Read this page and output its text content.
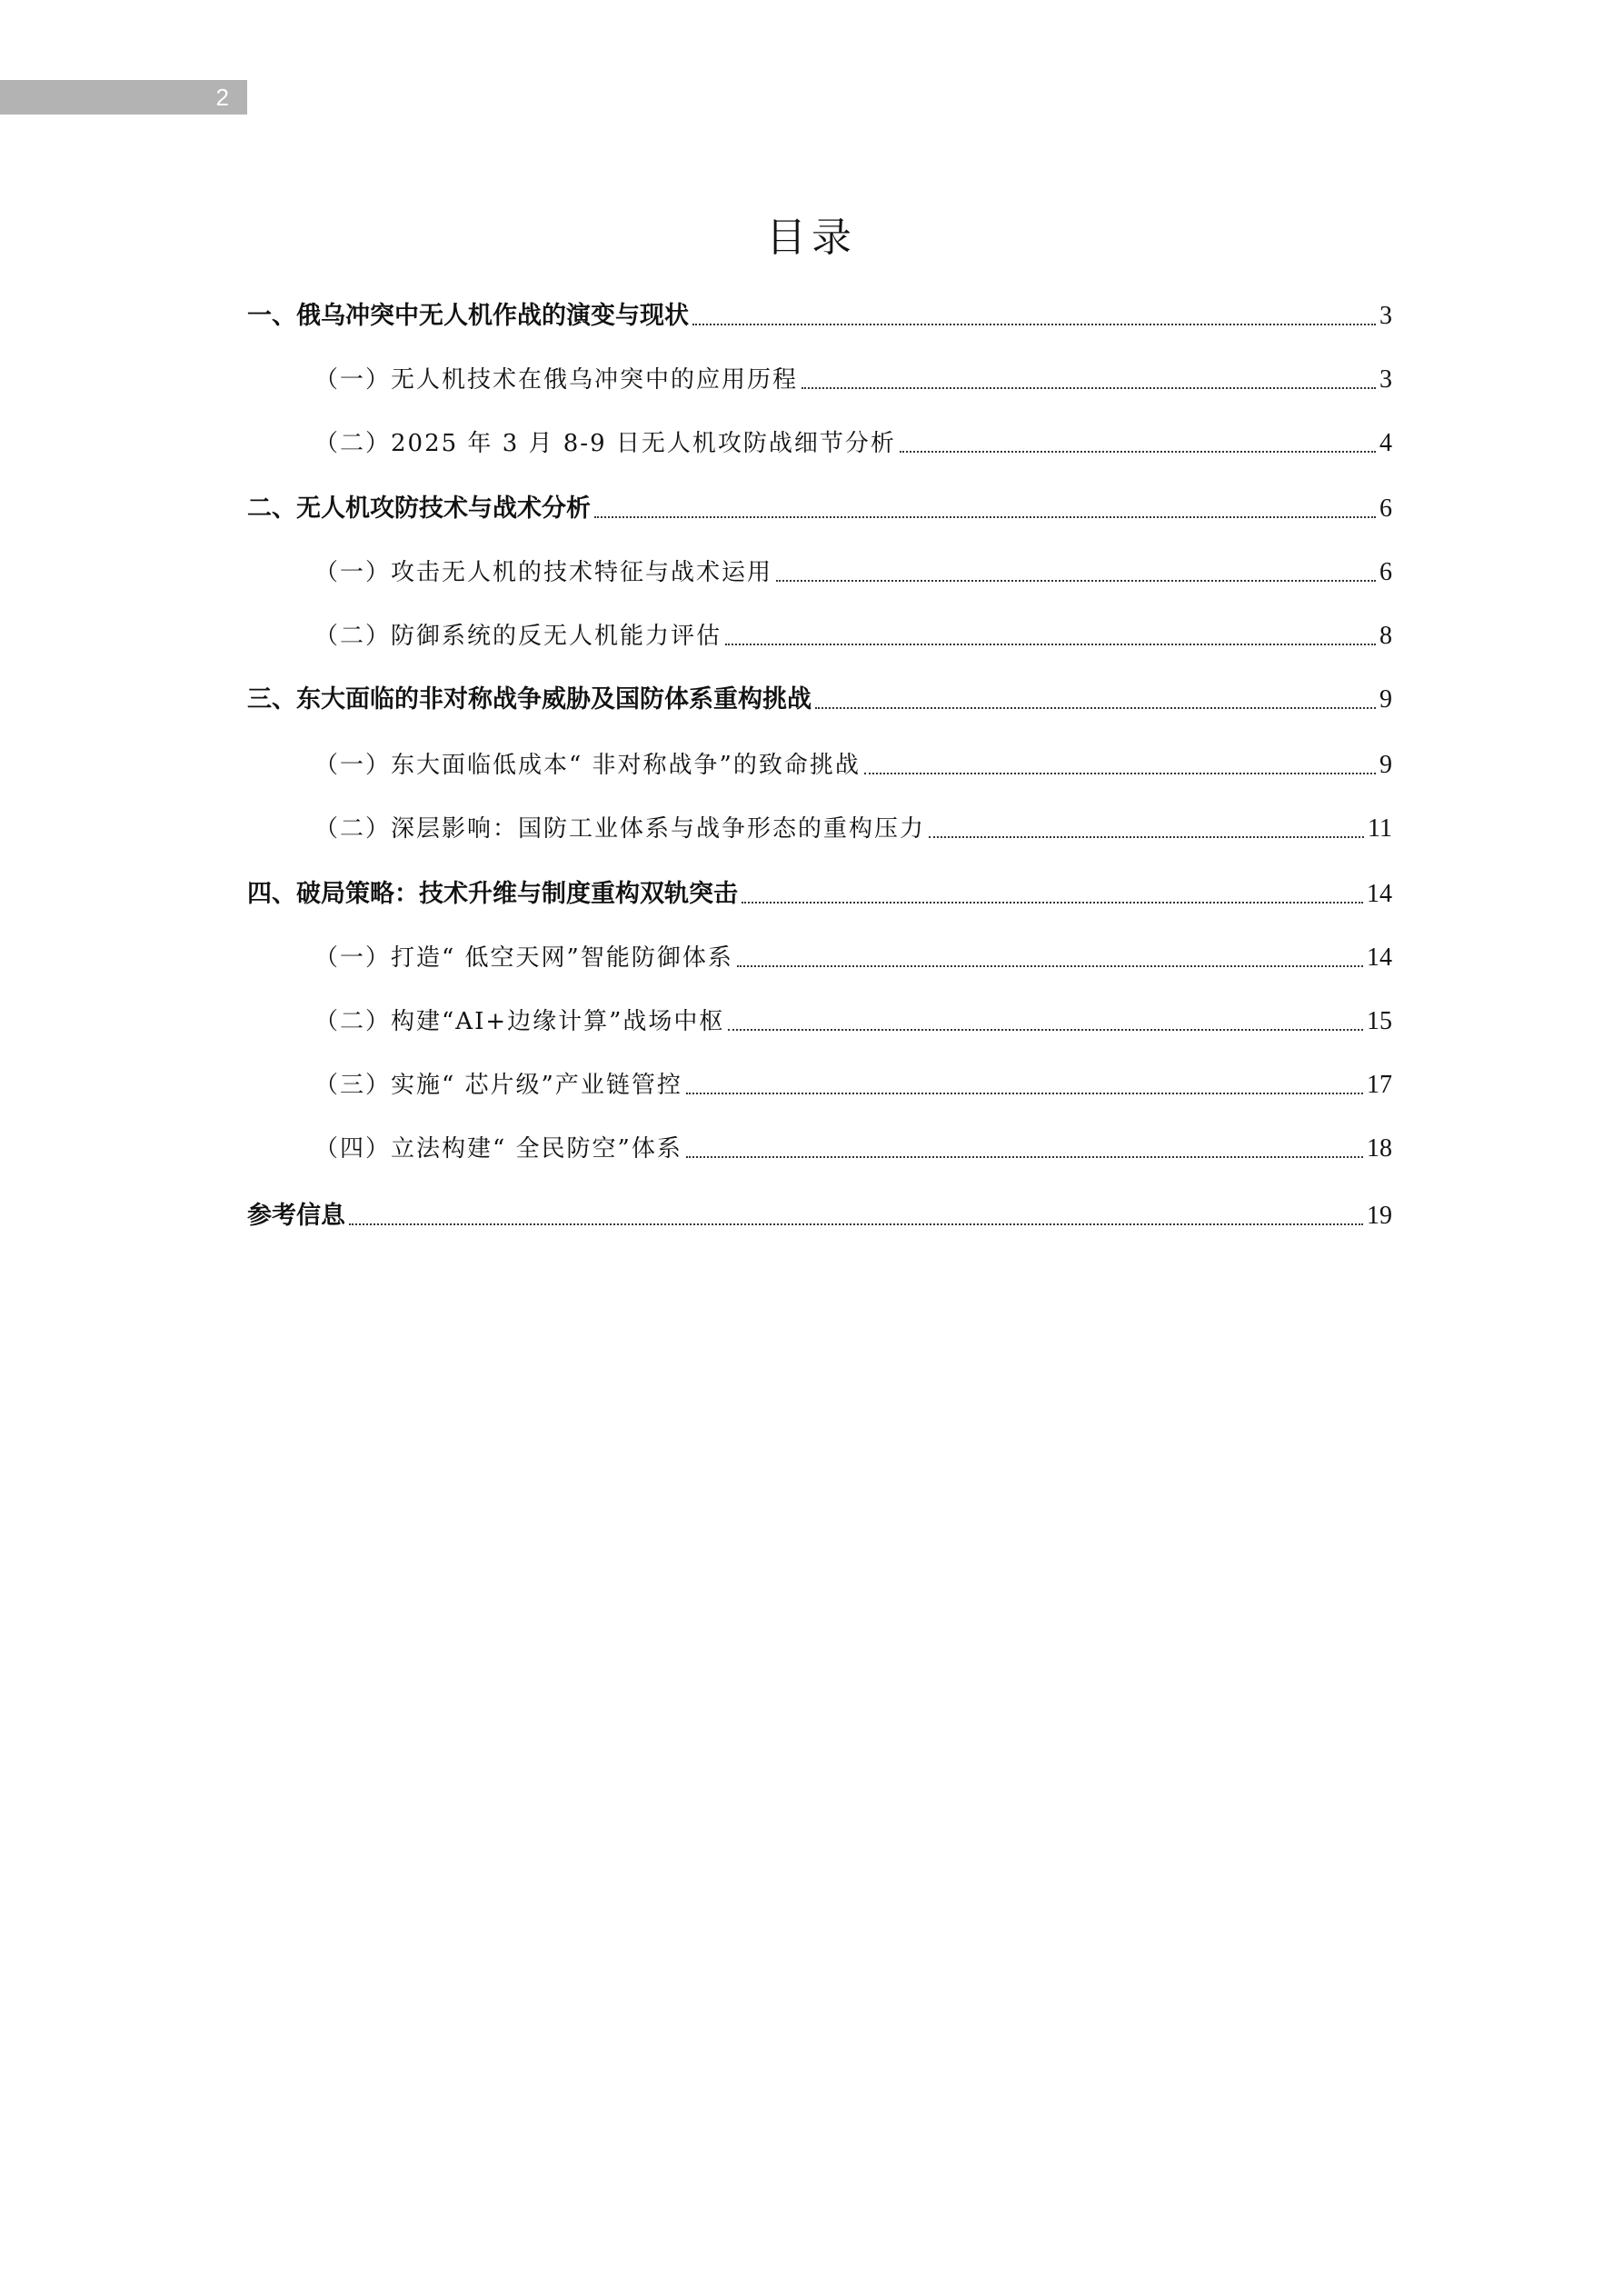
2
目录
一、俄乌冲突中无人机作战的演变与现状	3
（一）无人机技术在俄乌冲突中的应用历程	3
（二）2025 年 3 月 8-9 日无人机攻防战细节分析	4
二、无人机攻防技术与战术分析	6
（一）攻击无人机的技术特征与战术运用	6
（二）防御系统的反无人机能力评估	8
三、东大面临的非对称战争威胁及国防体系重构挑战	9
（一）东大面临低成本“ 非对称战争”的致命挑战	9
（二）深层影响：国防工业体系与战争形态的重构压力	11
四、破局策略：技术升维与制度重构双轨突击	14
（一）打造“ 低空天网”智能防御体系	14
（二）构建“AI+边缘计算”战场中枢	15
（三）实施“ 芯片级”产业链管控	17
（四）立法构建“ 全民防空”体系	18
参考信息	19
